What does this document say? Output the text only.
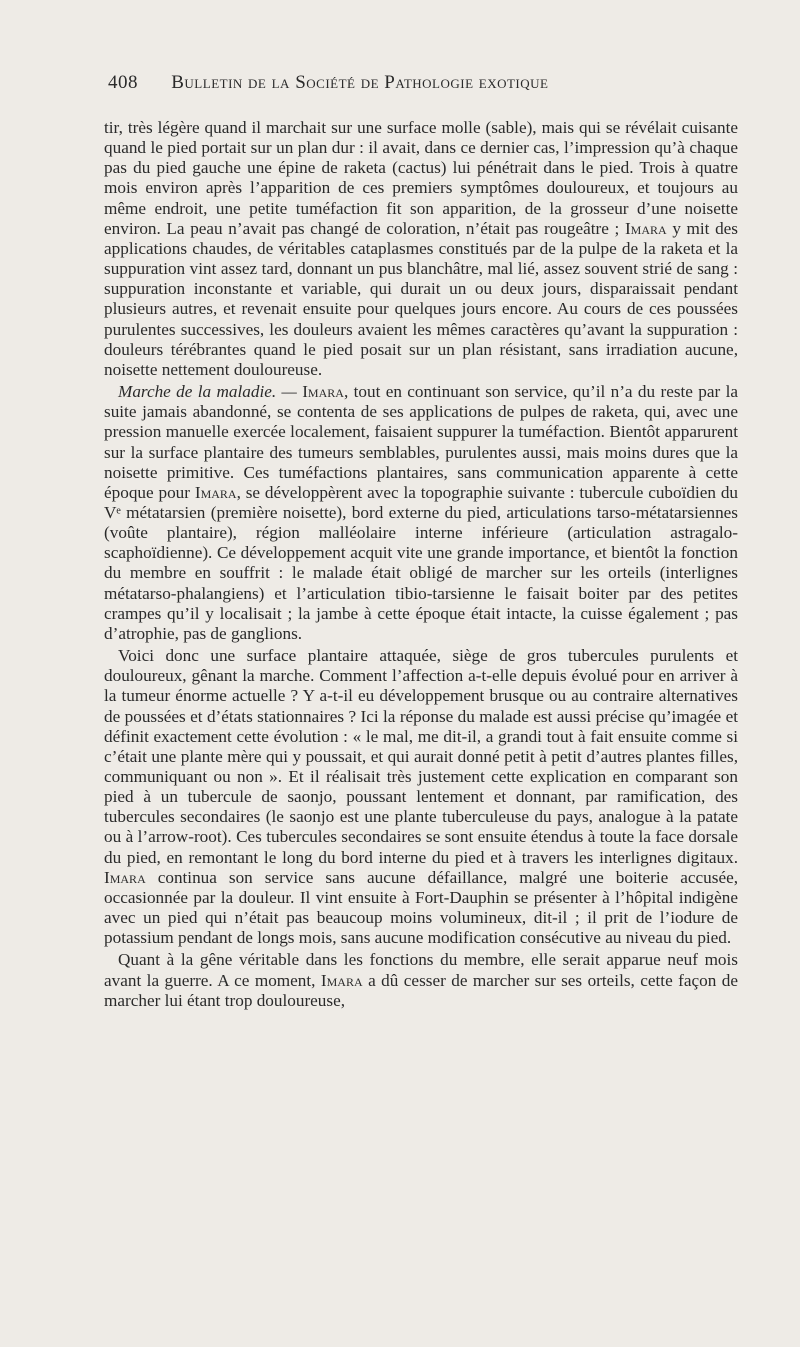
408 Bulletin de la Société de Pathologie exotique

tir, très légère quand il marchait sur une surface molle (sable), mais qui se révélait cuisante quand le pied portait sur un plan dur : il avait, dans ce dernier cas, l’impression qu’à chaque pas du pied gauche une épine de raketa (cactus) lui pénétrait dans le pied. Trois à quatre mois environ après l’apparition de ces premiers symptômes douloureux, et toujours au même endroit, une petite tuméfaction fit son apparition, de la grosseur d’une noisette environ. La peau n’avait pas changé de coloration, n’était pas rougeâtre ; Imara y mit des applications chaudes, de véritables cataplasmes constitués par de la pulpe de la raketa et la suppuration vint assez tard, donnant un pus blanchâtre, mal lié, assez souvent strié de sang : suppuration inconstante et variable, qui durait un ou deux jours, disparaissait pendant plusieurs autres, et revenait ensuite pour quelques jours encore. Au cours de ces poussées purulentes successives, les douleurs avaient les mêmes caractères qu’avant la suppuration : douleurs térébrantes quand le pied posait sur un plan résistant, sans irradiation aucune, noisette nettement douloureuse.

Marche de la maladie. — Imara, tout en continuant son service, qu’il n’a du reste par la suite jamais abandonné, se contenta de ses applications de pulpes de raketa, qui, avec une pression manuelle exercée localement, faisaient suppurer la tuméfaction. Bientôt apparurent sur la surface plantaire des tumeurs semblables, purulentes aussi, mais moins dures que la noisette primitive. Ces tuméfactions plantaires, sans communication apparente à cette époque pour Imara, se développèrent avec la topographie suivante : tubercule cuboïdien du Vᵉ métatarsien (première noisette), bord externe du pied, articulations tarso-métatarsiennes (voûte plantaire), région malléolaire interne inférieure (articulation astragalo-scaphoïdienne). Ce développement acquit vite une grande importance, et bientôt la fonction du membre en souffrit : le malade était obligé de marcher sur les orteils (interlignes métatarso-phalangiens) et l’articulation tibio-tarsienne le faisait boiter par des petites crampes qu’il y localisait ; la jambe à cette époque était intacte, la cuisse également ; pas d’atrophie, pas de ganglions.

Voici donc une surface plantaire attaquée, siège de gros tubercules purulents et douloureux, gênant la marche. Comment l’affection a-t-elle depuis évolué pour en arriver à la tumeur énorme actuelle ? Y a-t-il eu développement brusque ou au contraire alternatives de poussées et d’états stationnaires ? Ici la réponse du malade est aussi précise qu’imagée et définit exactement cette évolution : « le mal, me dit-il, a grandi tout à fait ensuite comme si c’était une plante mère qui y poussait, et qui aurait donné petit à petit d’autres plantes filles, communiquant ou non ». Et il réalisait très justement cette explication en comparant son pied à un tubercule de saonjo, poussant lentement et donnant, par ramification, des tubercules secondaires (le saonjo est une plante tuberculeuse du pays, analogue à la patate ou à l’arrow-root). Ces tubercules secondaires se sont ensuite étendus à toute la face dorsale du pied, en remontant le long du bord interne du pied et à travers les interlignes digitaux. Imara continua son service sans aucune défaillance, malgré une boiterie accusée, occasionnée par la douleur. Il vint ensuite à Fort-Dauphin se présenter à l’hôpital indigène avec un pied qui n’était pas beaucoup moins volumineux, dit-il ; il prit de l’iodure de potassium pendant de longs mois, sans aucune modification consécutive au niveau du pied.

Quant à la gêne véritable dans les fonctions du membre, elle serait apparue neuf mois avant la guerre. A ce moment, Imara a dû cesser de marcher sur ses orteils, cette façon de marcher lui étant trop douloureuse,
